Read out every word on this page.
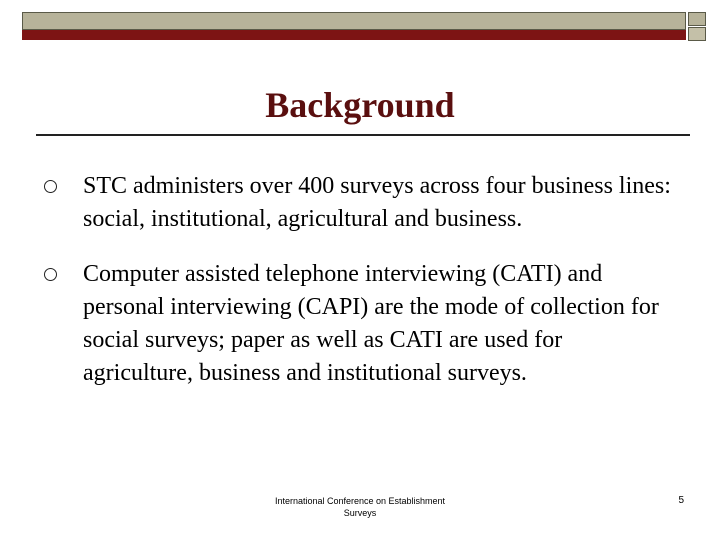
Background
STC administers over 400 surveys across four business lines: social, institutional, agricultural and business.
Computer assisted telephone interviewing (CATI) and personal interviewing (CAPI) are the mode of collection for social surveys; paper as well as CATI are used for agriculture, business and institutional surveys.
International Conference on Establishment Surveys
5
